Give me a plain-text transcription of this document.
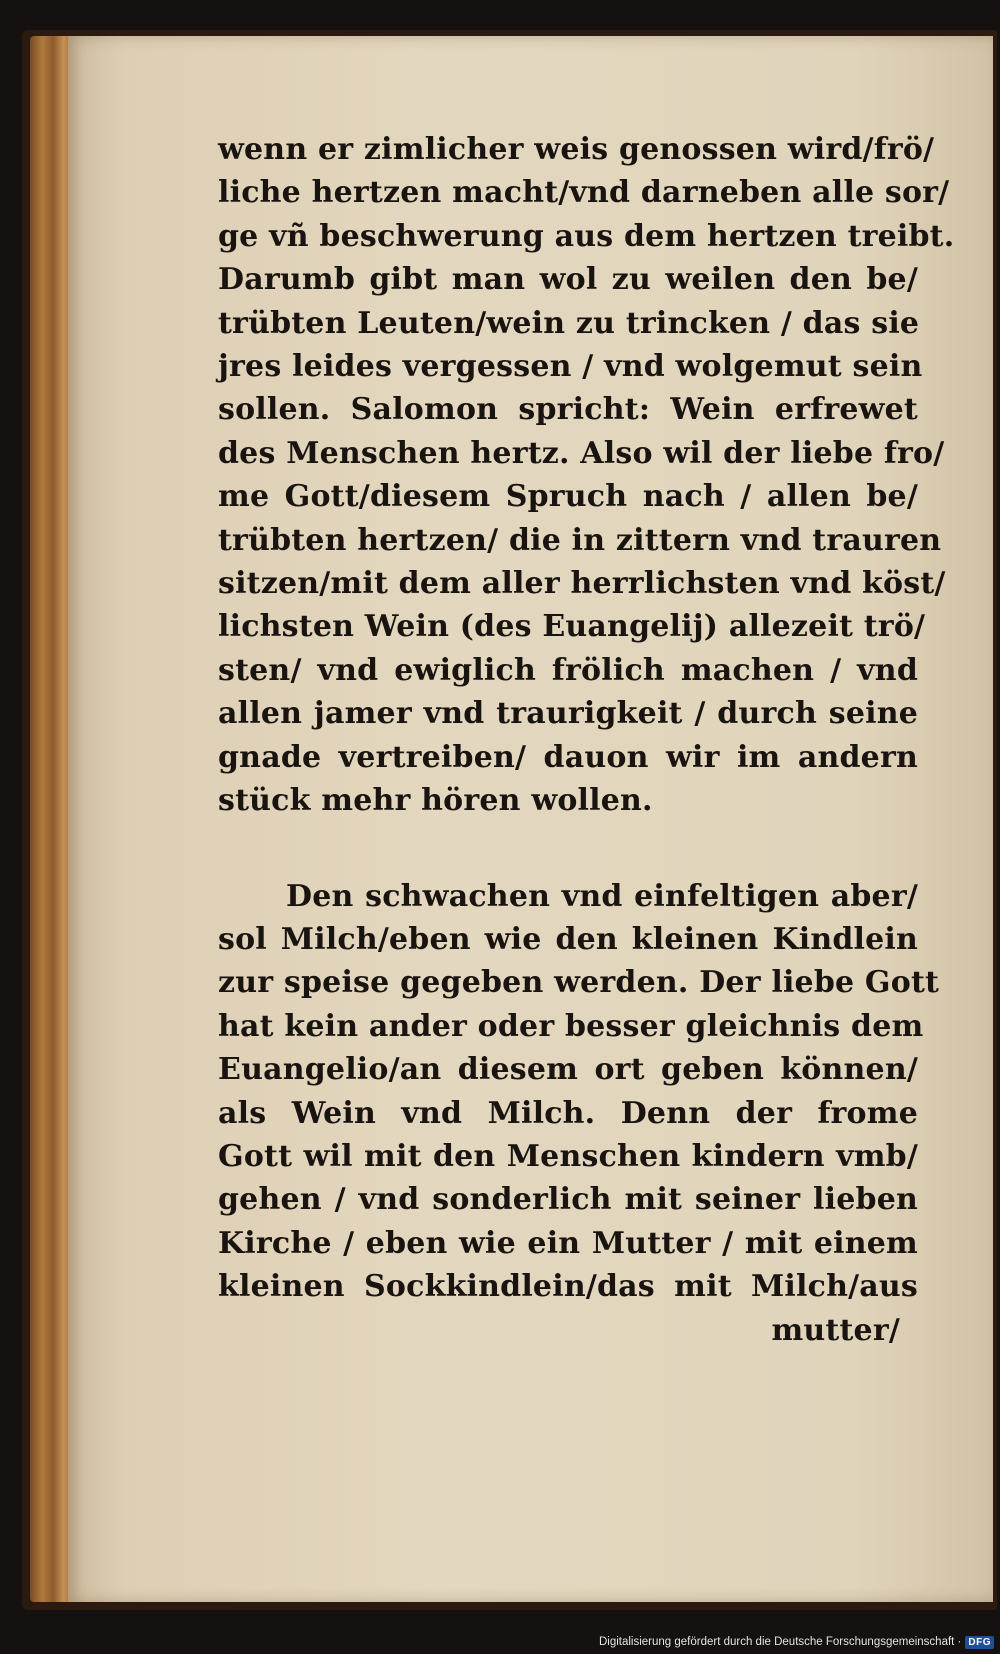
wenn er zimlicher weis genossen wird/frö/
liche hertzen macht/vnd darneben alle sor/
ge vñ beschwerung aus dem hertzen treibt.
Darumb gibt man wol zu weilen den be/
trübten Leuten/wein zu trincken / das sie
jres leides vergessen / vnd wolgemut sein
sollen. Salomon spricht: Wein erfrewet
des Menschen hertz. Also wil der liebe fro/
me Gott/diesem Spruch nach / allen be/
trübten hertzen/ die in zittern vnd trauren
sitzen/mit dem aller herrlichsten vnd köst/
lichsten Wein (des Euangelij) allezeit trö/
sten/ vnd ewiglich frölich machen / vnd
allen jamer vnd traurigkeit / durch seine
gnade vertreiben/ dauon wir im andern
stück mehr hören wollen.
Den schwachen vnd einfeltigen aber/
sol Milch/eben wie den kleinen Kindlein
zur speise gegeben werden. Der liebe Gott
hat kein ander oder besser gleichnis dem
Euangelio/an diesem ort geben können/
als Wein vnd Milch. Denn der frome
Gott wil mit den Menschen kindern vmb/
gehen / vnd sonderlich mit seiner lieben
Kirche / eben wie ein Mutter / mit einem
kleinen Sockkindlein/das mit Milch/aus
mutter/
Digitalisierung gefördert durch die Deutsche Forschungsgemeinschaft · DFG
